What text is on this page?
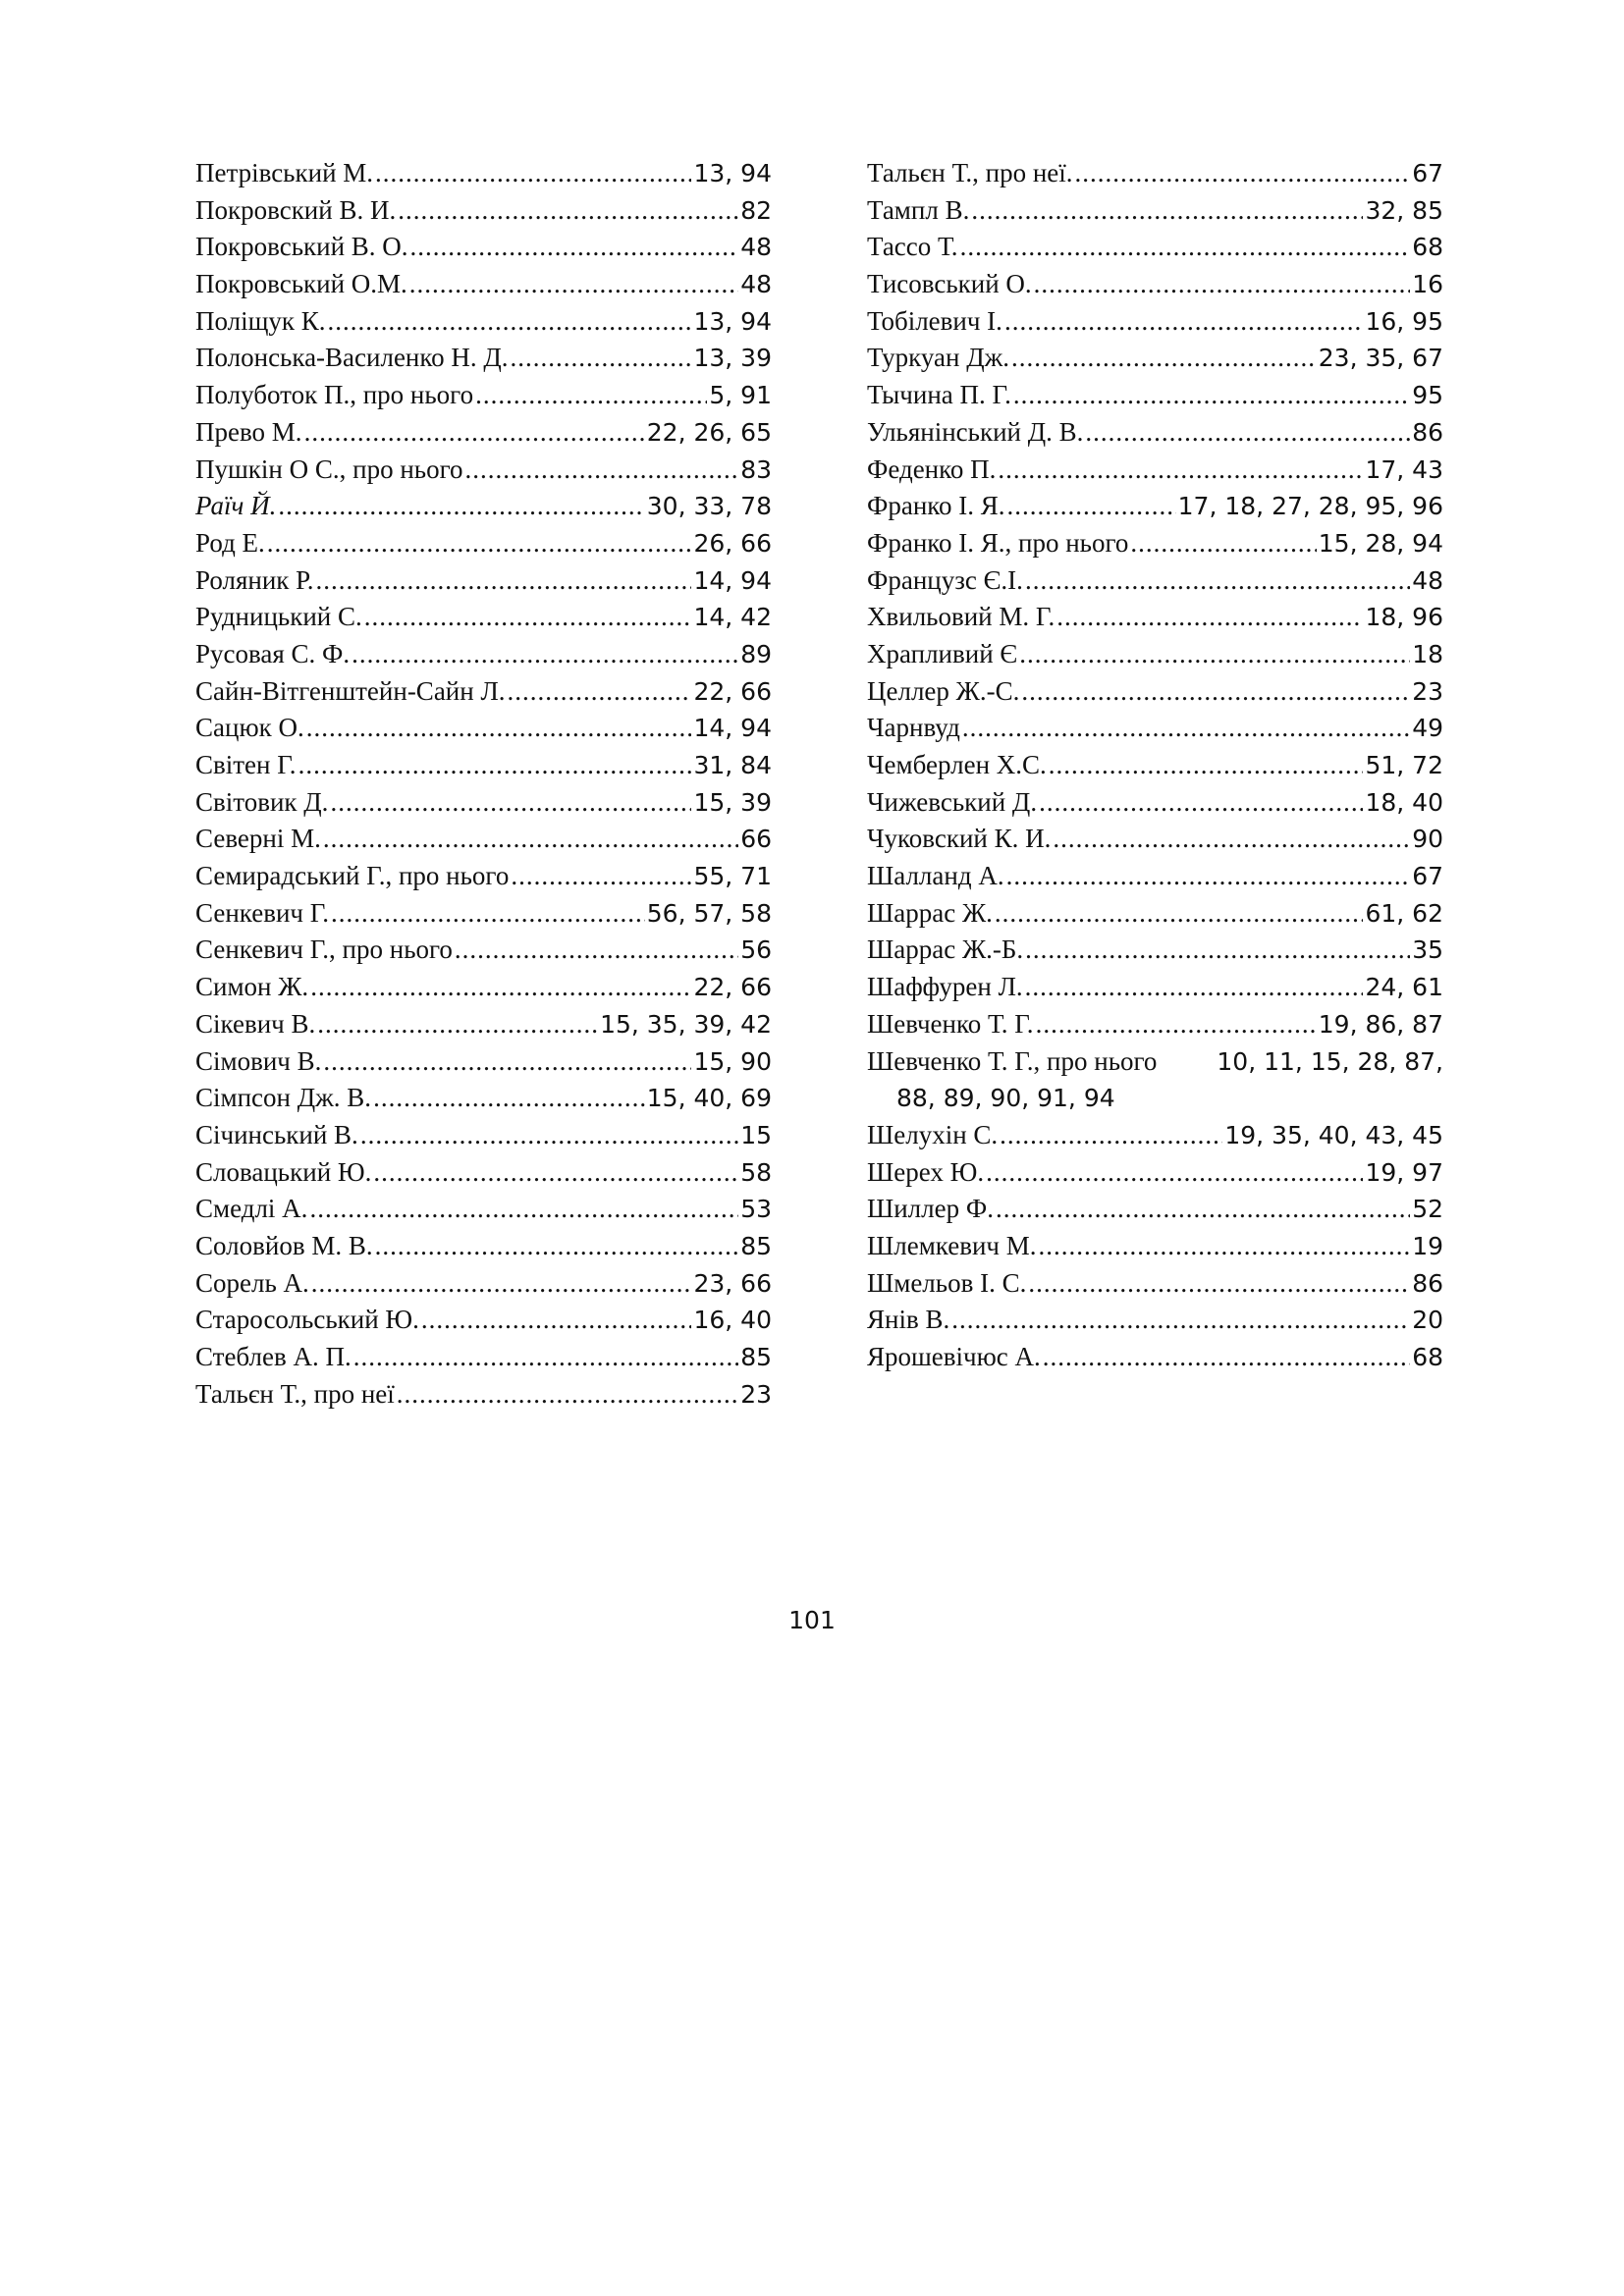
Петрівський М. .....	13, 94
Покровский В. И. .....	82
Покровський В. О. .....	48
Покровський О.М. .....	48
Поліщук К. .....	13, 94
Полонська-Василенко Н. Д. .....	13, 39
Полуботок П., про нього .....	5, 91
Прево М. .....	22, 26, 65
Пушкін О С., про нього .....	83
Раїч Й. .....	30, 33, 78
Род Е. .....	26, 66
Роляник Р. .....	14, 94
Рудницький С. .....	14, 42
Русовая С. Ф. .....	89
Сайн-Вітгенштейн-Сайн Л. .....	22, 66
Сацюк О. .....	14, 94
Світен Г. .....	31, 84
Світовик Д. .....	15, 39
Северні М. .....	66
Семирадський Г., про нього .....	55, 71
Сенкевич Г. .....	56, 57, 58
Сенкевич Г., про нього .....	56
Симон Ж. .....	22, 66
Сікевич В. .....	15, 35, 39, 42
Сімович В. .....	15, 90
Сімпсон Дж. В. .....	15, 40, 69
Січинський В. .....	15
Словацький Ю. .....	58
Смедлі А. .....	53
Соловйов М. В. .....	85
Сорель А. .....	23, 66
Старосольський Ю. .....	16, 40
Стеблев А. П. .....	85
Тальєн Т., про неї .....	23
Тальєн Т., про неї. .....	67
Тампл В. .....	32, 85
Тассо Т. .....	68
Тисовський О. .....	16
Тобілевич І. .....	16, 95
Туркуан Дж. .....	23, 35, 67
Тычина П. Г. .....	95
Ульянінський Д. В. .....	86
Феденко П. .....	17, 43
Франко І. Я. .....	17, 18, 27, 28, 95, 96
Франко І. Я., про нього .....	15, 28, 94
Французс Є.І. .....	48
Хвильовий М. Г. .....	18, 96
Храпливий Є .....	18
Целлер Ж.-С. .....	23
Чарнвуд .....	49
Чемберлен Х.С. .....	51, 72
Чижевський Д. .....	18, 40
Чуковский К. И. .....	90
Шалланд А. .....	67
Шаррас Ж. .....	61, 62
Шаррас Ж.-Б. .....	35
Шаффурен Л. .....	24, 61
Шевченко Т. Г. .....	19, 86, 87
Шевченко Т. Г., про нього 10, 11, 15, 28, 87,
88, 89, 90, 91, 94
Шелухін С. .....	19, 35, 40, 43, 45
Шерех Ю. .....	19, 97
Шиллер Ф. .....	52
Шлемкевич М. .....	19
Шмельов І. С. .....	86
Янів В. .....	20
Ярошевічюс А. .....	68
101
